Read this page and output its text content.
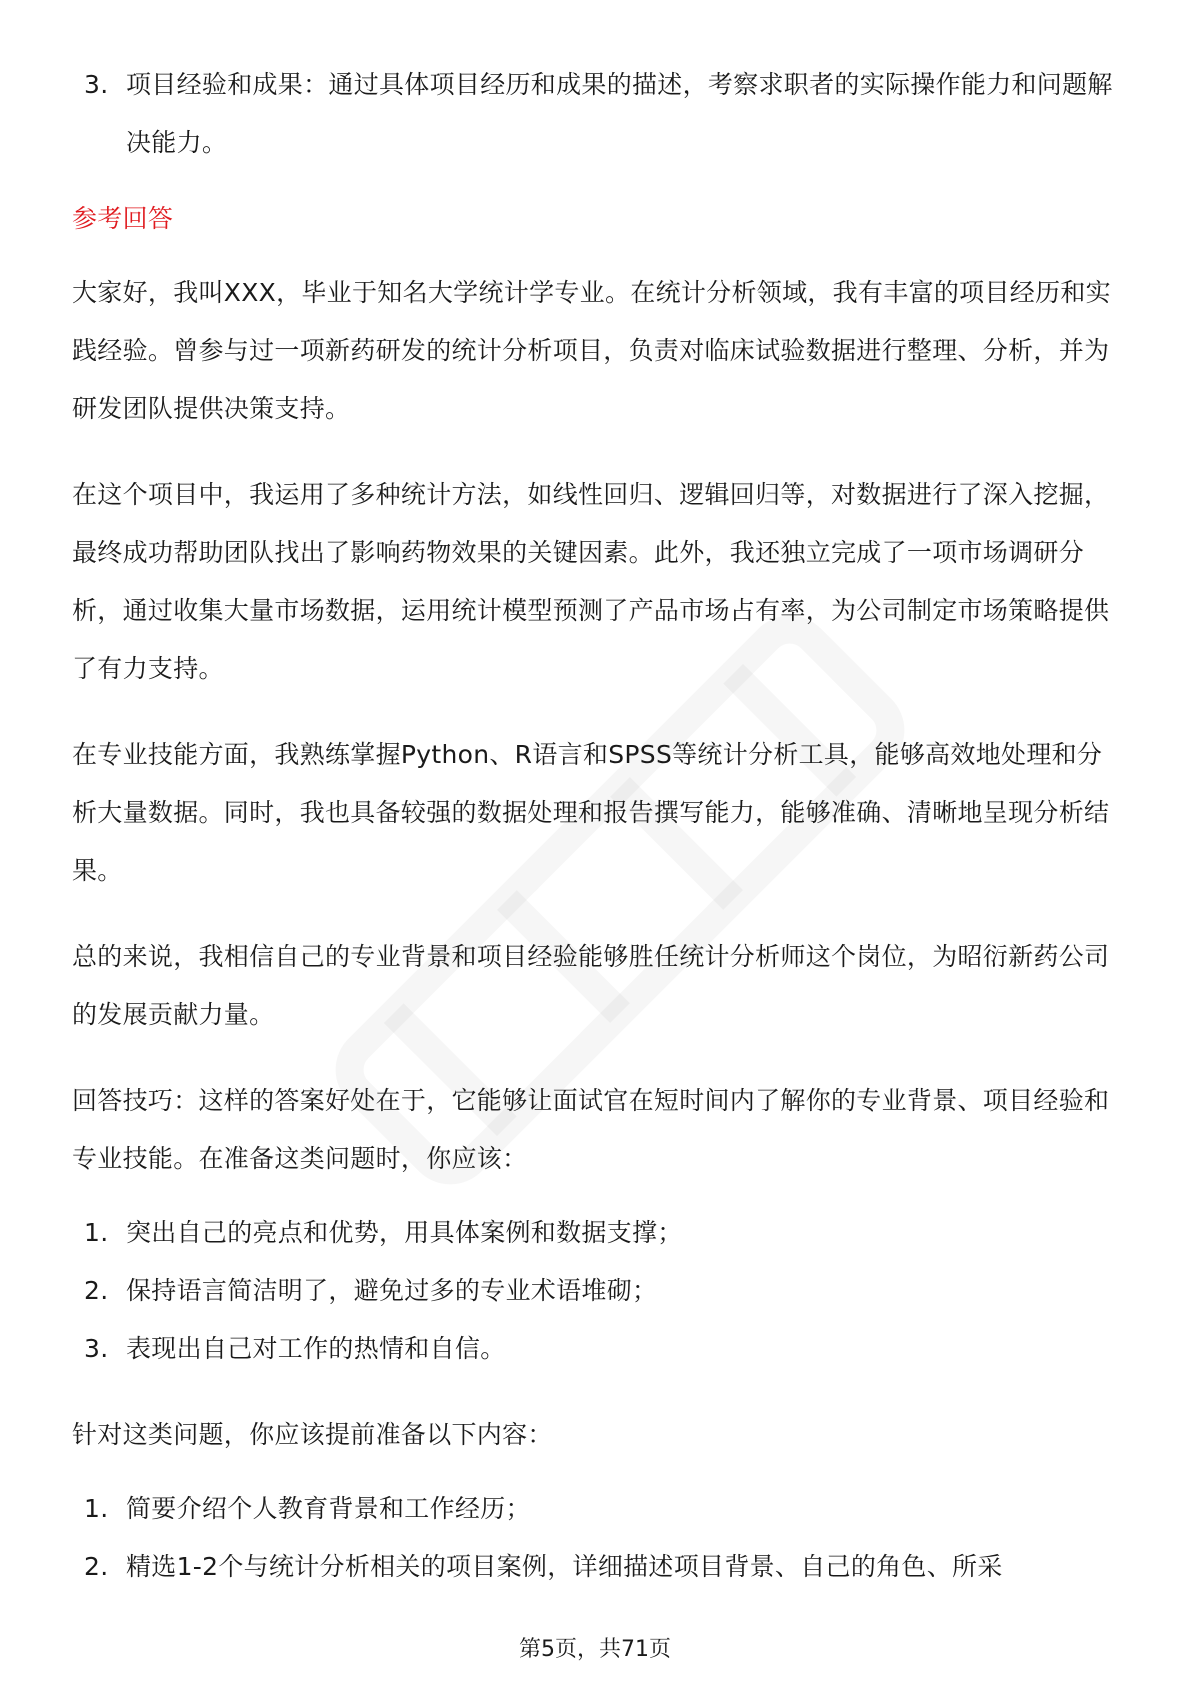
3. 项目经验和成果：通过具体项目经历和成果的描述，考察求职者的实际操作能力和问题解决能力。
参考回答
大家好，我叫XXX，毕业于知名大学统计学专业。在统计分析领域，我有丰富的项目经历和实践经验。曾参与过一项新药研发的统计分析项目，负责对临床试验数据进行整理、分析，并为研发团队提供决策支持。
在这个项目中，我运用了多种统计方法，如线性回归、逻辑回归等，对数据进行了深入挖掘，最终成功帮助团队找出了影响药物效果的关键因素。此外，我还独立完成了一项市场调研分析，通过收集大量市场数据，运用统计模型预测了产品市场占有率，为公司制定市场策略提供了有力支持。
在专业技能方面，我熟练掌握Python、R语言和SPSS等统计分析工具，能够高效地处理和分析大量数据。同时，我也具备较强的数据处理和报告撰写能力，能够准确、清晰地呈现分析结果。
总的来说，我相信自己的专业背景和项目经验能够胜任统计分析师这个岗位，为昭衍新药公司的发展贡献力量。
回答技巧：这样的答案好处在于，它能够让面试官在短时间内了解你的专业背景、项目经验和专业技能。在准备这类问题时，你应该：
1. 突出自己的亮点和优势，用具体案例和数据支撑；
2. 保持语言简洁明了，避免过多的专业术语堆砌；
3. 表现出自己对工作的热情和自信。
针对这类问题，你应该提前准备以下内容：
1. 简要介绍个人教育背景和工作经历；
2. 精选1-2个与统计分析相关的项目案例，详细描述项目背景、自己的角色、所采
第5页，共71页
